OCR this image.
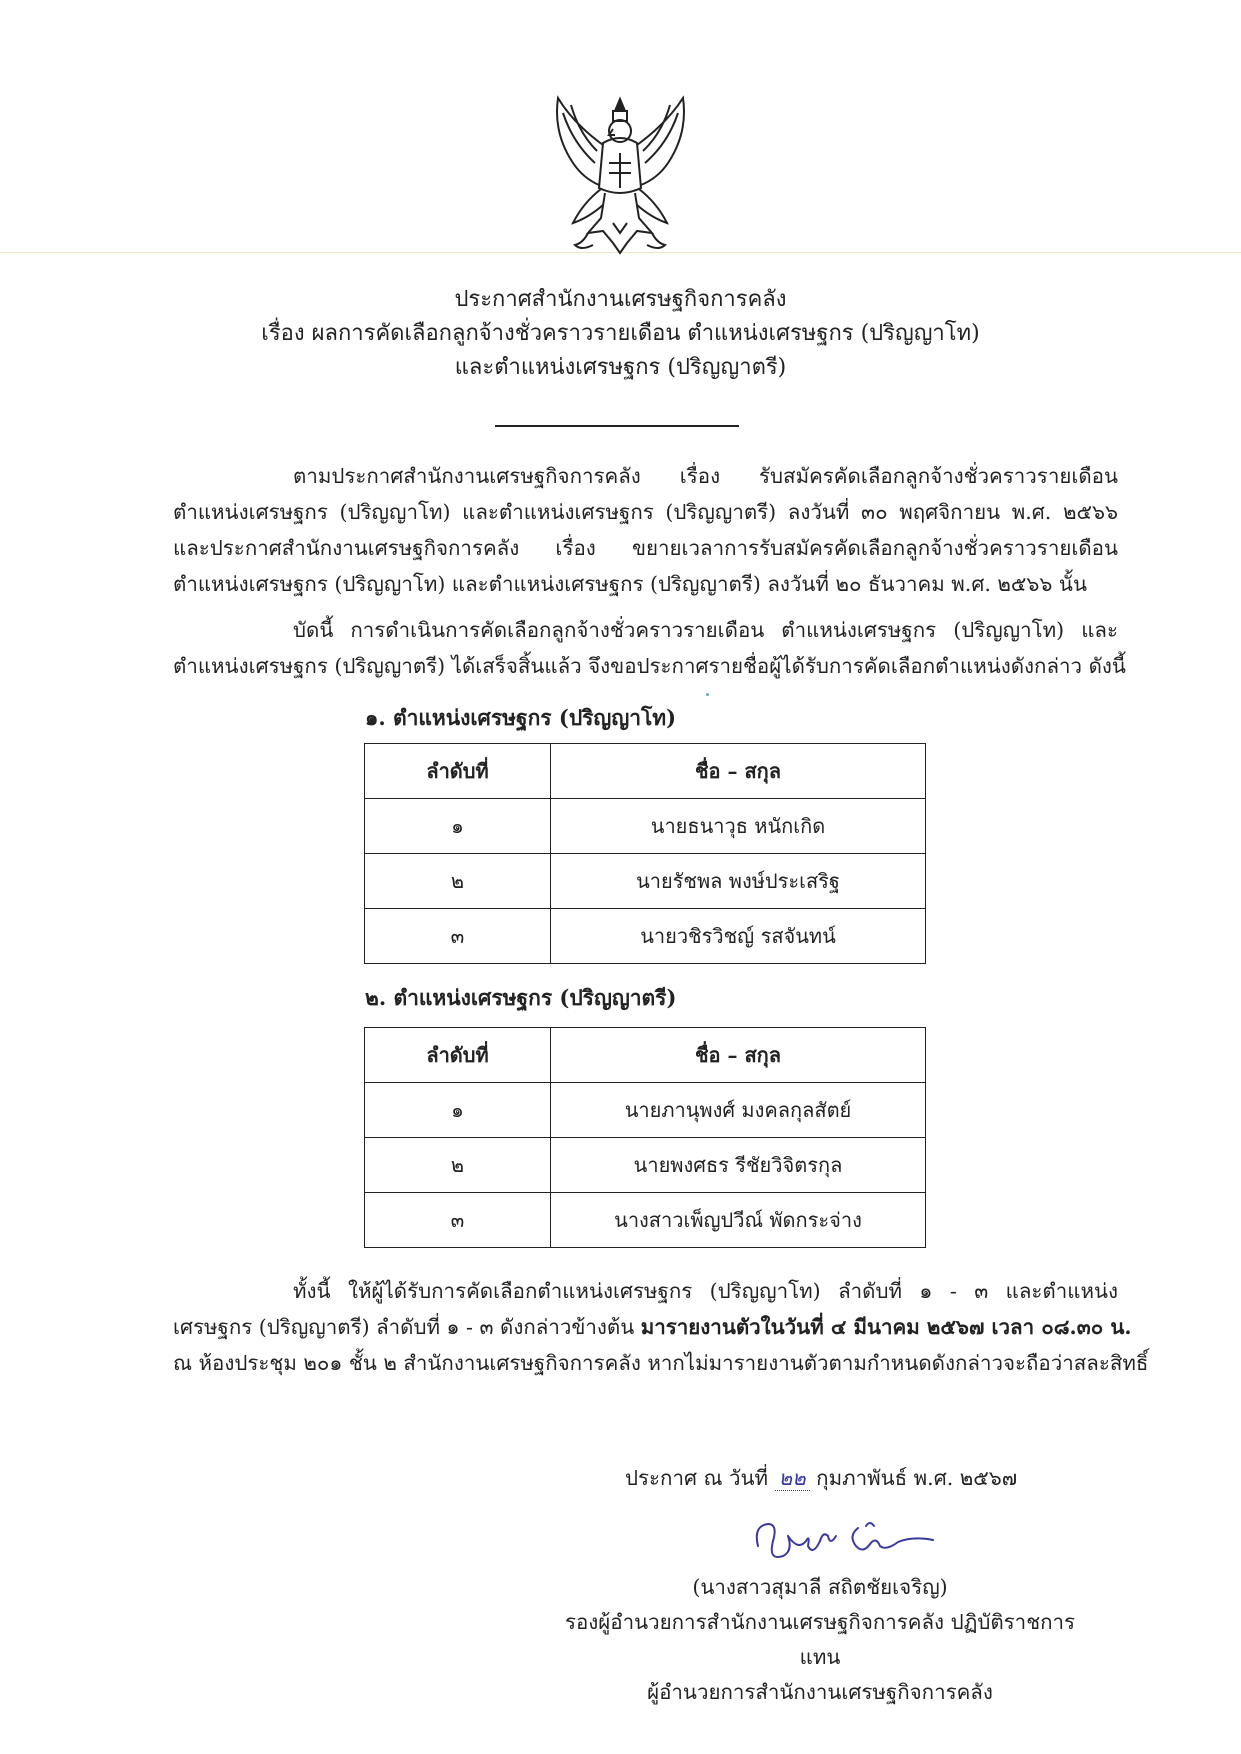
ประกาศสำนักงานเศรษฐกิจการคลัง
เรื่อง ผลการคัดเลือกลูกจ้างชั่วคราวรายเดือน ตำแหน่งเศรษฐกร (ปริญญาโท)
และตำแหน่งเศรษฐกร (ปริญญาตรี)
ตามประกาศสำนักงานเศรษฐกิจการคลัง เรื่อง รับสมัครคัดเลือกลูกจ้างชั่วคราวรายเดือน
ตำแหน่งเศรษฐกร (ปริญญาโท) และตำแหน่งเศรษฐกร (ปริญญาตรี) ลงวันที่ ๓๐ พฤศจิกายน พ.ศ. ๒๕๖๖
และประกาศสำนักงานเศรษฐกิจการคลัง เรื่อง ขยายเวลาการรับสมัครคัดเลือกลูกจ้างชั่วคราวรายเดือน
ตำแหน่งเศรษฐกร (ปริญญาโท) และตำแหน่งเศรษฐกร (ปริญญาตรี) ลงวันที่ ๒๐ ธันวาคม พ.ศ. ๒๕๖๖ นั้น
บัดนี้ การดำเนินการคัดเลือกลูกจ้างชั่วคราวรายเดือน ตำแหน่งเศรษฐกร (ปริญญาโท) และ
ตำแหน่งเศรษฐกร (ปริญญาตรี) ได้เสร็จสิ้นแล้ว จึงขอประกาศรายชื่อผู้ได้รับการคัดเลือกตำแหน่งดังกล่าว ดังนี้
๑. ตำแหน่งเศรษฐกร (ปริญญาโท)
ลำดับที่	ชื่อ – สกุล
๑	นายธนาวุธ หนักเกิด
๒	นายรัชพล พงษ์ประเสริฐ
๓	นายวชิรวิชญ์ รสจันทน์
๒. ตำแหน่งเศรษฐกร (ปริญญาตรี)
ลำดับที่	ชื่อ – สกุล
๑	นายภานุพงศ์ มงคลกุลสัตย์
๒	นายพงศธร รีชัยวิจิตรกุล
๓	นางสาวเพ็ญปวีณ์ พัดกระจ่าง
ทั้งนี้ ให้ผู้ได้รับการคัดเลือกตำแหน่งเศรษฐกร (ปริญญาโท) ลำดับที่ ๑ - ๓ และตำแหน่ง
เศรษฐกร (ปริญญาตรี) ลำดับที่ ๑ - ๓ ดังกล่าวข้างต้น มารายงานตัวในวันที่ ๔ มีนาคม ๒๕๖๗ เวลา ๐๘.๓๐ น.
ณ ห้องประชุม ๒๐๑ ชั้น ๒ สำนักงานเศรษฐกิจการคลัง หากไม่มารายงานตัวตามกำหนดดังกล่าวจะถือว่าสละสิทธิ์
ประกาศ ณ วันที่ ๒๒ กุมภาพันธ์ พ.ศ. ๒๕๖๗
(นางสาวสุมาลี สถิตชัยเจริญ)
รองผู้อำนวยการสำนักงานเศรษฐกิจการคลัง ปฏิบัติราชการแทน
ผู้อำนวยการสำนักงานเศรษฐกิจการคลัง
